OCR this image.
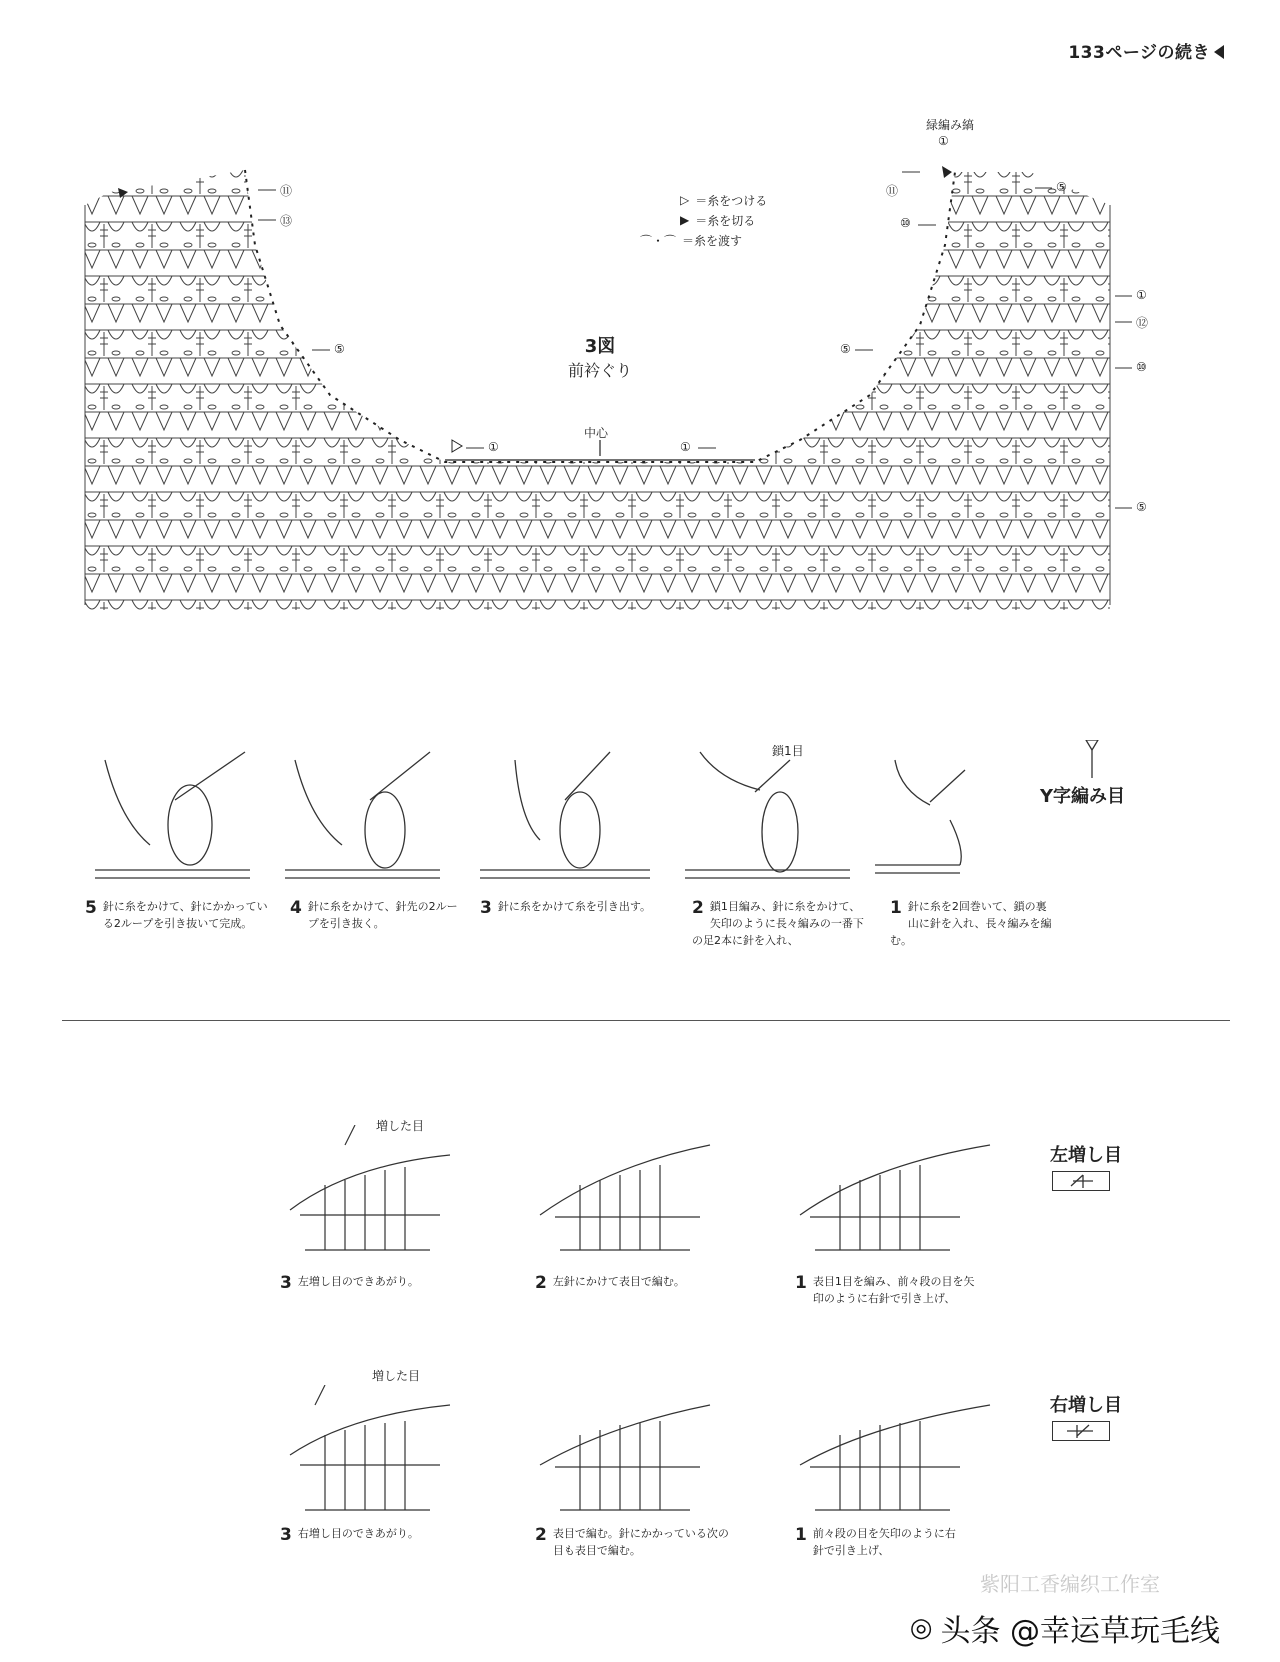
133ページの続き
⑪
⑬
⑤
①
①
⑪
⑩
⑤
①
⑫
⑩
⑤
①
⑤
緑編み縞
中心
3図
前衿ぐり
▷ ＝糸をつける
▶ ＝糸を切る
⌒・⌒ ＝糸を渡す
鎖1目
Y字編み目
5 針に糸をかけて、針にかかっている2ループを引き抜いて完成。
4 針に糸をかけて、針先の2ループを引き抜く。
3 針に糸をかけて糸を引き出す。	2 鎖1目編み、針に糸をかけて、矢印のように長々編みの一番下の足2本に針を入れ、
1 針に糸を2回巻いて、鎖の裏山に針を入れ、長々編みを編む。
増した目
左増し目
3 左増し目のできあがり。	2 左針にかけて表目で編む。	1 表目1目を編み、前々段の目を矢印のように右針で引き上げ、
増した目
右増し目
3 右増し目のできあがり。	2 表目で編む。針にかかっている次の目も表目で編む。
1 前々段の目を矢印のように右針で引き上げ、
紫阳工香编织工作室
◎ 头条 @幸运草玩毛线
